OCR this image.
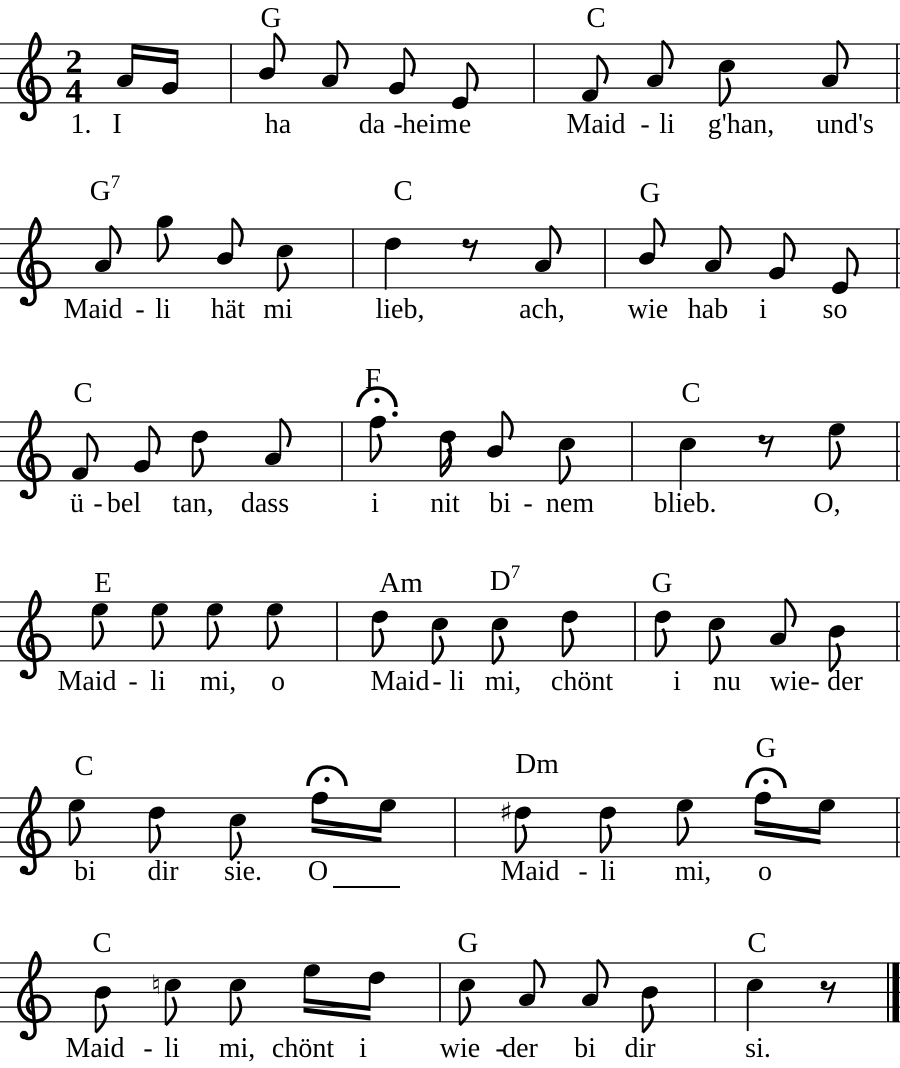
2
4
G	C
1. I	ha da - heim e	Maid - li g'han, und's
$G^7$	C	G
Maid - li hät mi	lieb,	ach, wie hab i so
C	F	C
ü - bel tan, dass	i nit bi - nem blieb.	O,
E	Am $D^7$	G
Maid - li mi, o	Maid - li mi, chönt i nu wie - der
♯
C	Dm	G
bi dir sie. O	Maid - li mi, o
♮
C	G	C
Maid - li mi, chönt i	wie -
der bi dir	si.
